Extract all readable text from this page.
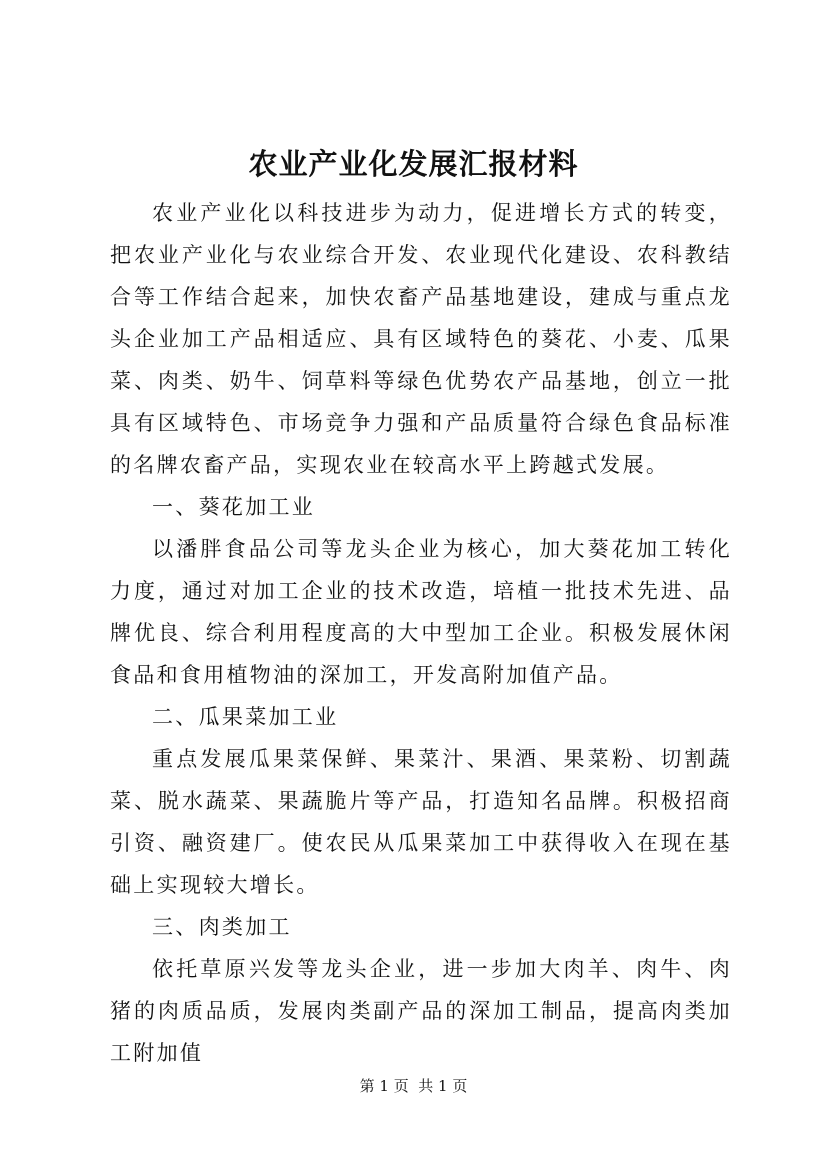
农业产业化发展汇报材料

农业产业化以科技进步为动力，促进增长方式的转变，把农业产业化与农业综合开发、农业现代化建设、农科教结合等工作结合起来，加快农畜产品基地建设，建成与重点龙头企业加工产品相适应、具有区域特色的葵花、小麦、瓜果菜、肉类、奶牛、饲草料等绿色优势农产品基地，创立一批具有区域特色、市场竞争力强和产品质量符合绿色食品标准的名牌农畜产品，实现农业在较高水平上跨越式发展。

一、葵花加工业

以潘胖食品公司等龙头企业为核心，加大葵花加工转化力度，通过对加工企业的技术改造，培植一批技术先进、品牌优良、综合利用程度高的大中型加工企业。积极发展休闲食品和食用植物油的深加工，开发高附加值产品。

二、瓜果菜加工业

重点发展瓜果菜保鲜、果菜汁、果酒、果菜粉、切割蔬菜、脱水蔬菜、果蔬脆片等产品，打造知名品牌。积极招商引资、融资建厂。使农民从瓜果菜加工中获得收入在现在基础上实现较大增长。

三、肉类加工

依托草原兴发等龙头企业，进一步加大肉羊、肉牛、肉猪的肉质品质，发展肉类副产品的深加工制品，提高肉类加工附加值

第 1 页  共 1 页
